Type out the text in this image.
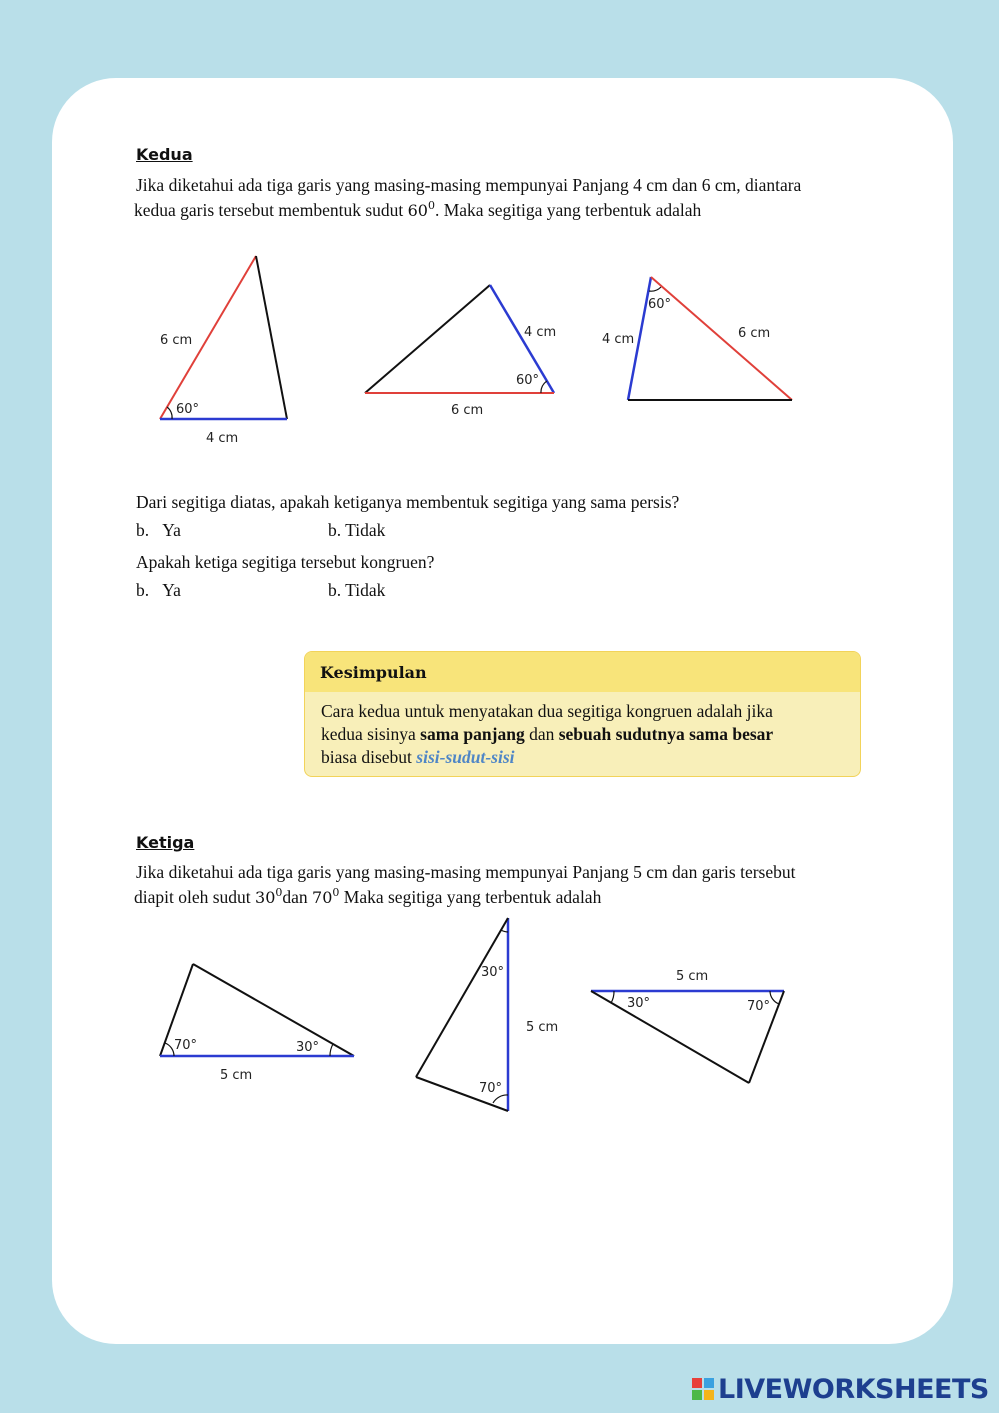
Kedua
Jika diketahui ada tiga garis yang masing-masing mempunyai Panjang 4 cm dan 6 cm, diantara
kedua garis tersebut membentuk sudut $60^0$. Maka segitiga yang terbentuk adalah
6 cm
60°
4 cm
4 cm
60°
6 cm
60°
4 cm	6 cm
Dari segitiga diatas, apakah ketiganya membentuk segitiga yang sama persis?
b. Ya	b. Tidak
Apakah ketiga segitiga tersebut kongruen?
b. Ya	b. Tidak
Kesimpulan
Cara kedua untuk menyatakan dua segitiga kongruen adalah jika
kedua sisinya sama panjang dan sebuah sudutnya sama besar
biasa disebut sisi-sudut-sisi
Ketiga
Jika diketahui ada tiga garis yang masing-masing mempunyai Panjang 5 cm dan garis tersebut
diapit oleh sudut $30^0dan$ $70^0$ Maka segitiga yang terbentuk adalah
70°	30°
5 cm
30°
5 cm
70°
5 cm
30°	70°
LIVEWORKSHEETS
